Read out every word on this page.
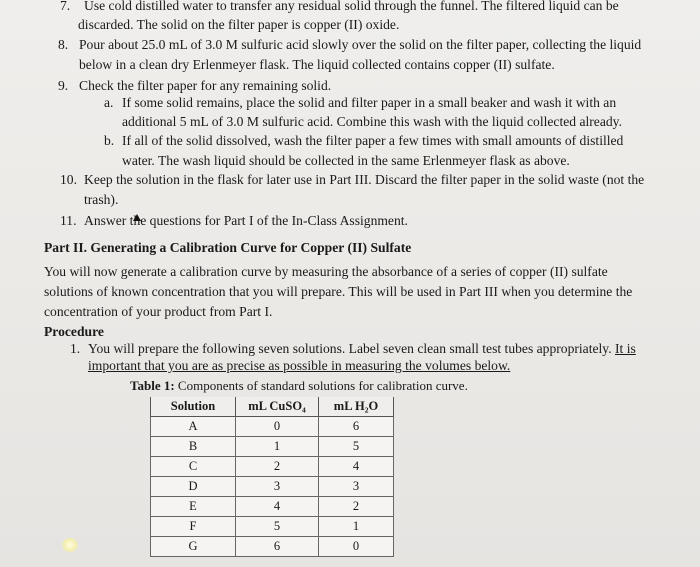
7. Use cold distilled water to transfer any residual solid through the funnel. The filtered liquid can be
discarded. The solid on the filter paper is copper (II) oxide.
8. Pour about 25.0 mL of 3.0 M sulfuric acid slowly over the solid on the filter paper, collecting the liquid
below in a clean dry Erlenmeyer flask. The liquid collected contains copper (II) sulfate.
9. Check the filter paper for any remaining solid.
a. If some solid remains, place the solid and filter paper in a small beaker and wash it with an
additional 5 mL of 3.0 M sulfuric acid. Combine this wash with the liquid collected already.
b. If all of the solid dissolved, wash the filter paper a few times with small amounts of distilled
water. The wash liquid should be collected in the same Erlenmeyer flask as above.
10. Keep the solution in the flask for later use in Part III. Discard the filter paper in the solid waste (not the
trash).
11. Answer the questions for Part I of the In-Class Assignment.
Part II. Generating a Calibration Curve for Copper (II) Sulfate
You will now generate a calibration curve by measuring the absorbance of a series of copper (II) sulfate
solutions of known concentration that you will prepare. This will be used in Part III when you determine the
concentration of your product from Part I.
Procedure
1. You will prepare the following seven solutions. Label seven clean small test tubes appropriately. It is
important that you are as precise as possible in measuring the volumes below.
Table 1: Components of standard solutions for calibration curve.
Solution	mL CuSO₄	mL H₂O
A	0	6
B	1	5
C	2	4
D	3	3
E	4	2
F	5	1
G	6	0
